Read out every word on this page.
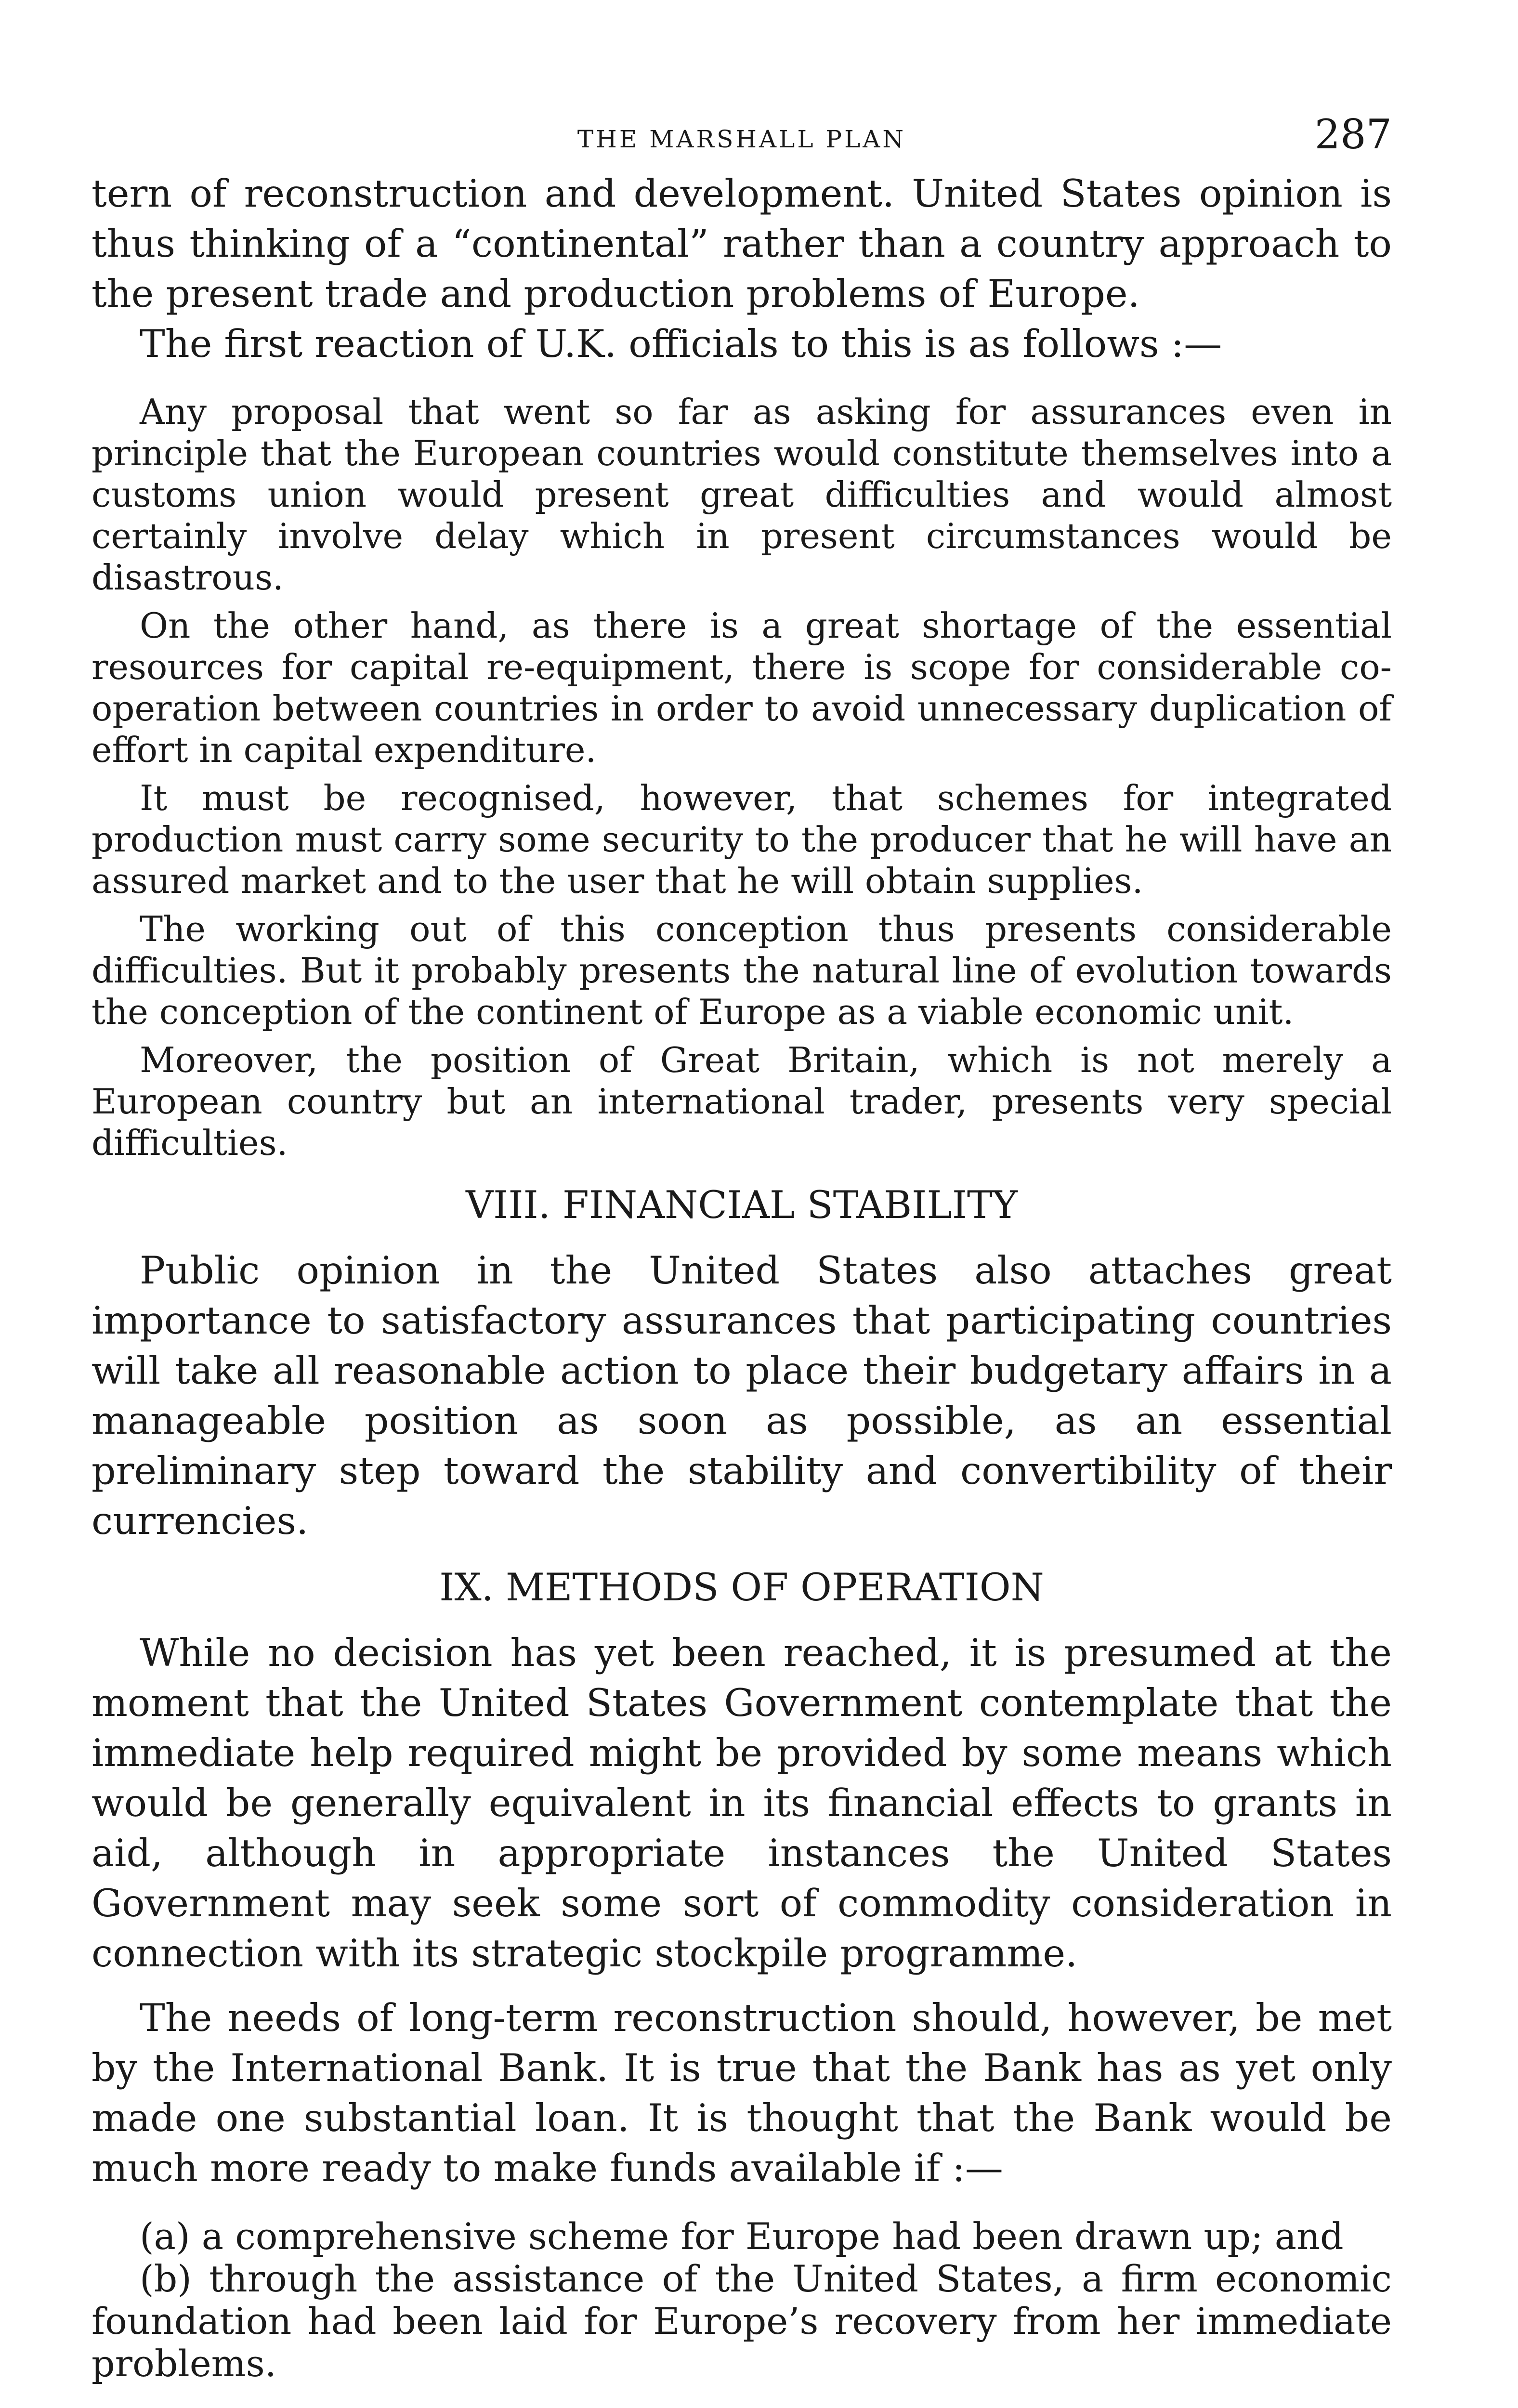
THE MARSHALL PLAN	287

tern of reconstruction and development. United States opinion is thus thinking of a “continental” rather than a country approach to the present trade and production problems of Europe.

The first reaction of U.K. officials to this is as follows :—

Any proposal that went so far as asking for assurances even in principle that the European countries would constitute themselves into a customs union would present great difficulties and would almost certainly involve delay which in present circumstances would be disastrous.

On the other hand, as there is a great shortage of the essential resources for capital re-equipment, there is scope for considerable co-operation between countries in order to avoid unnecessary duplication of effort in capital expenditure.

It must be recognised, however, that schemes for integrated production must carry some security to the producer that he will have an assured market and to the user that he will obtain supplies.

The working out of this conception thus presents considerable difficulties. But it probably presents the natural line of evolution towards the conception of the continent of Europe as a viable economic unit.

Moreover, the position of Great Britain, which is not merely a European country but an international trader, presents very special difficulties.

VIII. FINANCIAL STABILITY

Public opinion in the United States also attaches great importance to satisfactory assurances that participating countries will take all reasonable action to place their budgetary affairs in a manageable position as soon as possible, as an essential preliminary step toward the stability and convertibility of their currencies.

IX. METHODS OF OPERATION

While no decision has yet been reached, it is presumed at the moment that the United States Government contemplate that the immediate help required might be provided by some means which would be generally equivalent in its financial effects to grants in aid, although in appropriate instances the United States Government may seek some sort of commodity consideration in connection with its strategic stockpile programme.

The needs of long-term reconstruction should, however, be met by the International Bank. It is true that the Bank has as yet only made one substantial loan. It is thought that the Bank would be much more ready to make funds available if :—

(a) a comprehensive scheme for Europe had been drawn up; and

(b) through the assistance of the United States, a firm economic foundation had been laid for Europe’s recovery from her immediate problems.
